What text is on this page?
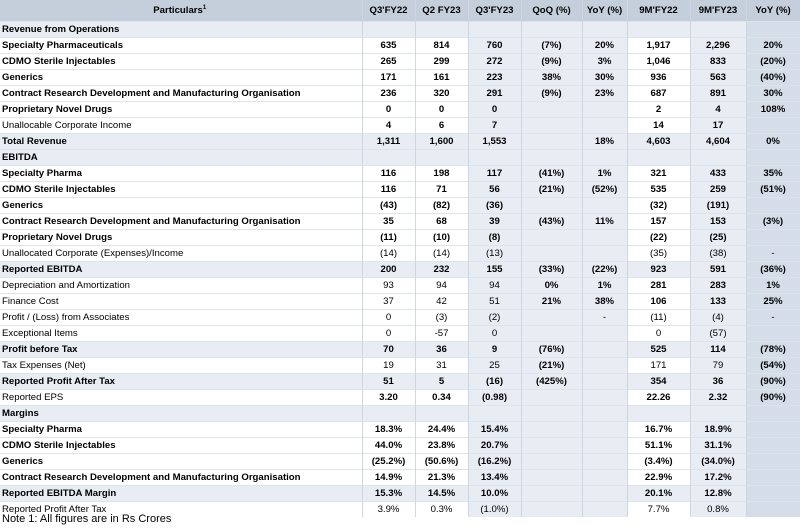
Particulars$^1$	Q3'FY22	Q2 FY23	Q3'FY23	QoQ (%)	YoY (%)	9M'FY22	9M'FY23	YoY (%)
Revenue from Operations								
Specialty Pharmaceuticals	635	814	760	(7%)	20%	1,917	2,296	20%
CDMO Sterile Injectables	265	299	272	(9%)	3%	1,046	833	(20%)
Generics	171	161	223	38%	30%	936	563	(40%)
Contract Research Development and Manufacturing Organisation	236	320	291	(9%)	23%	687	891	30%
Proprietary Novel Drugs	0	0	0			2	4	108%
Unallocable Corporate Income	4	6	7			14	17	
Total Revenue	1,311	1,600	1,553		18%	4,603	4,604	0%
EBITDA								
Specialty Pharma	116	198	117	(41%)	1%	321	433	35%
CDMO Sterile Injectables	116	71	56	(21%)	(52%)	535	259	(51%)
Generics	(43)	(82)	(36)			(32)	(191)	
Contract Research Development and Manufacturing Organisation	35	68	39	(43%)	11%	157	153	(3%)
Proprietary Novel Drugs	(11)	(10)	(8)			(22)	(25)	
Unallocated Corporate (Expenses)/Income	(14)	(14)	(13)			(35)	(38)	-
Reported EBITDA	200	232	155	(33%)	(22%)	923	591	(36%)
Depreciation and Amortization	93	94	94	0%	1%	281	283	1%
Finance Cost	37	42	51	21%	38%	106	133	25%
Profit / (Loss) from Associates	0	(3)	(2)		-	(11)	(4)	-
Exceptional Items	0	-57	0			0	(57)	
Profit before Tax	70	36	9	(76%)		525	114	(78%)
Tax Expenses (Net)	19	31	25	(21%)		171	79	(54%)
Reported Profit After Tax	51	5	(16)	(425%)		354	36	(90%)
Reported EPS	3.20	0.34	(0.98)			22.26	2.32	(90%)
Margins								
Specialty Pharma	18.3%	24.4%	15.4%			16.7%	18.9%	
CDMO Sterile Injectables	44.0%	23.8%	20.7%			51.1%	31.1%	
Generics	(25.2%)	(50.6%)	(16.2%)			(3.4%)	(34.0%)	
Contract Research Development and Manufacturing Organisation	14.9%	21.3%	13.4%			22.9%	17.2%	
Reported EBITDA Margin	15.3%	14.5%	10.0%			20.1%	12.8%	
Reported Profit After Tax	3.9%	0.3%	(1.0%)			7.7%	0.8%	
Note 1: All figures are in Rs Crores
